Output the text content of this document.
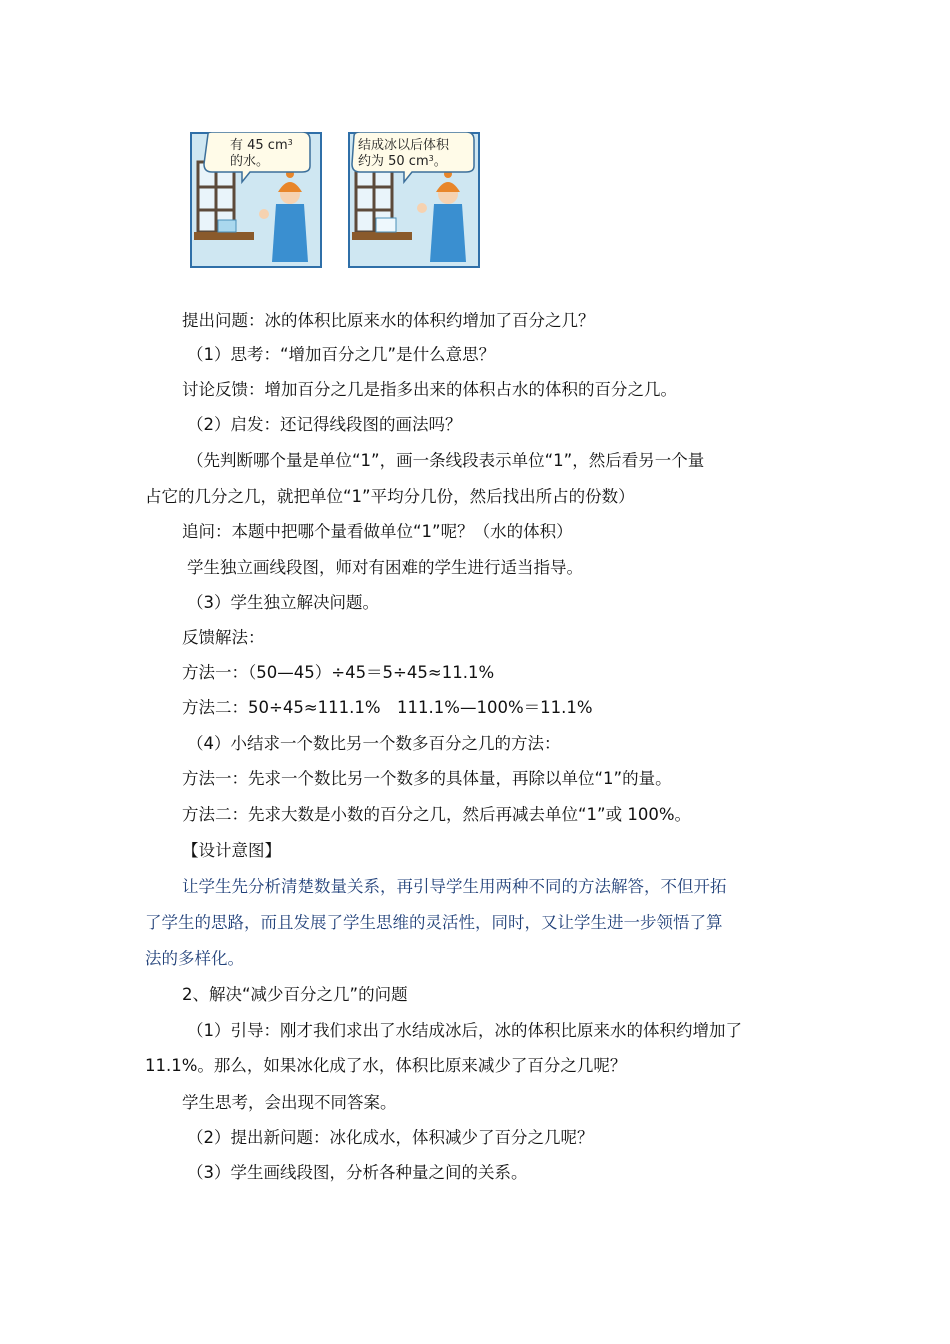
有 45 $cm^3$
的水。
结成冰以后体积
约为 50 $cm^3$。
提出问题：冰的体积比原来水的体积约增加了百分之几？
（1）思考：“增加百分之几”是什么意思？
讨论反馈：增加百分之几是指多出来的体积占水的体积的百分之几。
（2）启发：还记得线段图的画法吗？
（先判断哪个量是单位“1”，画一条线段表示单位“1”，然后看另一个量
占它的几分之几，就把单位“1”平均分几份，然后找出所占的份数）
追问：本题中把哪个量看做单位“1”呢？（水的体积）
学生独立画线段图，师对有困难的学生进行适当指导。
（3）学生独立解决问题。
反馈解法：
方法一：（50—45）÷45＝5÷45≈11.1%
方法二：50÷45≈111.1%　111.1%—100%＝11.1%
（4）小结求一个数比另一个数多百分之几的方法：
方法一：先求一个数比另一个数多的具体量，再除以单位“1”的量。
方法二：先求大数是小数的百分之几，然后再减去单位“1”或 100%。
【设计意图】
让学生先分析清楚数量关系，再引导学生用两种不同的方法解答，不但开拓
了学生的思路，而且发展了学生思维的灵活性，同时，又让学生进一步领悟了算
法的多样化。
2、解决“减少百分之几”的问题
（1）引导：刚才我们求出了水结成冰后，冰的体积比原来水的体积约增加了
11.1%。那么，如果冰化成了水，体积比原来减少了百分之几呢？
学生思考，会出现不同答案。
（2）提出新问题：冰化成水，体积减少了百分之几呢？
（3）学生画线段图，分析各种量之间的关系。
